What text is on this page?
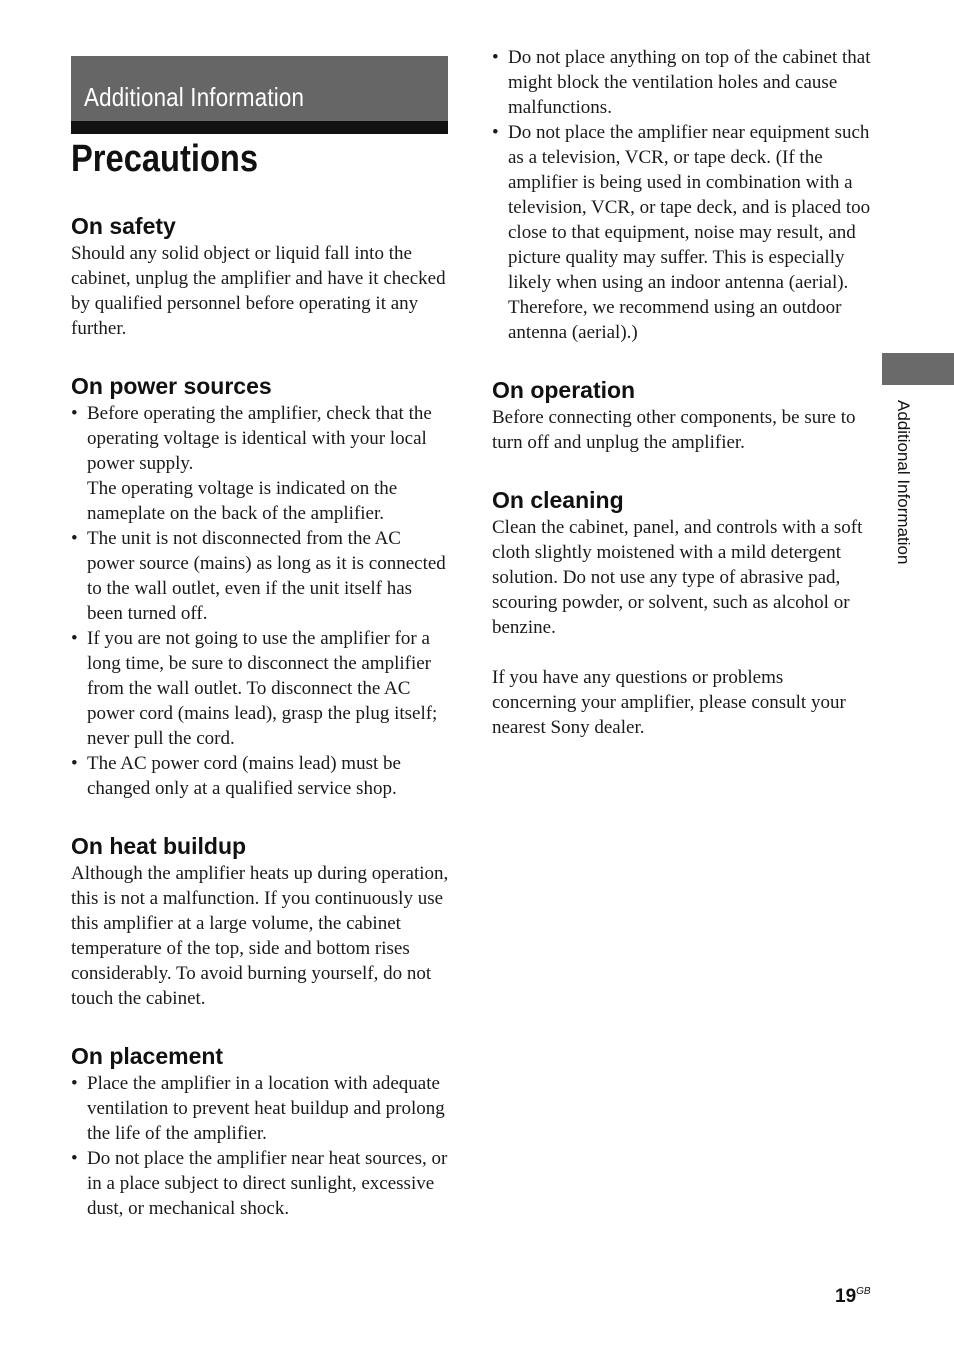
Additional Information
Precautions
On safety

Should any solid object or liquid fall into the cabinet, unplug the amplifier and have it checked by qualified personnel before operating it any further.

On power sources
• Before operating the amplifier, check that the operating voltage is identical with your local power supply.
The operating voltage is indicated on the nameplate on the back of the amplifier.
• The unit is not disconnected from the AC power source (mains) as long as it is connected to the wall outlet, even if the unit itself has been turned off.
• If you are not going to use the amplifier for a long time, be sure to disconnect the amplifier from the wall outlet. To disconnect the AC power cord (mains lead), grasp the plug itself; never pull the cord.
• The AC power cord (mains lead) must be changed only at a qualified service shop.
On heat buildup

Although the amplifier heats up during operation, this is not a malfunction. If you continuously use this amplifier at a large volume, the cabinet temperature of the top, side and bottom rises considerably. To avoid burning yourself, do not touch the cabinet.

On placement
• Place the amplifier in a location with adequate ventilation to prevent heat buildup and prolong the life of the amplifier.
• Do not place the amplifier near heat sources, or in a place subject to direct sunlight, excessive dust, or mechanical shock.
• Do not place anything on top of the cabinet that might block the ventilation holes and cause malfunctions.
• Do not place the amplifier near equipment such as a television, VCR, or tape deck. (If the amplifier is being used in combination with a television, VCR, or tape deck, and is placed too close to that equipment, noise may result, and picture quality may suffer. This is especially likely when using an indoor antenna (aerial). Therefore, we recommend using an outdoor antenna (aerial).)
On operation

Before connecting other components, be sure to turn off and unplug the amplifier.

On cleaning

Clean the cabinet, panel, and controls with a soft cloth slightly moistened with a mild detergent solution. Do not use any type of abrasive pad, scouring powder, or solvent, such as alcohol or benzine.

If you have any questions or problems concerning your amplifier, please consult your nearest Sony dealer.

Additional Information
$19^{GB}$
